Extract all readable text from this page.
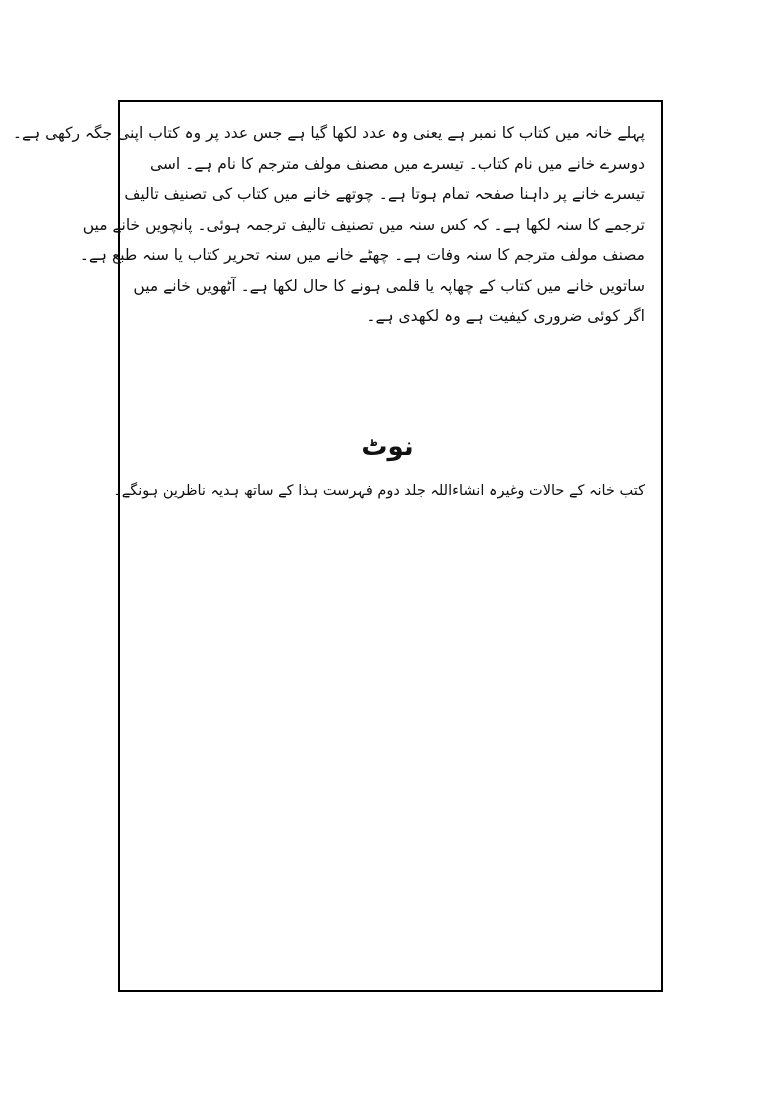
پہلے خانہ میں کتاب کا نمبر ہے یعنی وہ عدد لکھا گیا ہے جس عدد پر وہ کتاب اپنی جگہ رکھی ہے۔
دوسرے خانے میں نام کتاب۔ تیسرے میں مصنف مولف مترجم کا نام ہے۔ اسی
تیسرے خانے پر داہنا صفحہ تمام ہوتا ہے۔ چوتھے خانے میں کتاب کی تصنیف تالیف
ترجمے کا سنہ لکھا ہے۔ کہ کس سنہ میں تصنیف تالیف ترجمہ ہوئی۔ پانچویں خانے میں
مصنف مولف مترجم کا سنہ وفات ہے۔ چھٹے خانے میں سنہ تحریر کتاب یا سنہ طبع ہے۔
ساتویں خانے میں کتاب کے چھاپہ یا قلمی ہونے کا حال لکھا ہے۔ آٹھویں خانے میں
اگر کوئی ضروری کیفیت ہے وہ لکھدی ہے۔
نوٹ
کتب خانہ کے حالات وغیرہ انشاءاللہ جلد دوم فہرست ہذا کے ساتھ ہدیہ ناظرین ہونگے۔
